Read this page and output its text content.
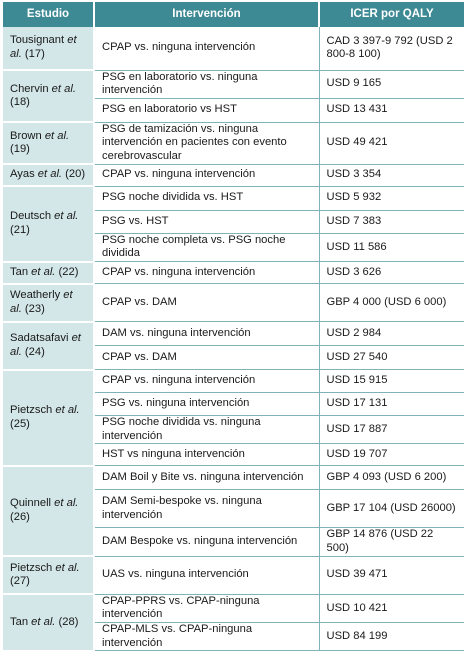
Estudio	Intervención	ICER por QALY
Tousignant et al. (17)	CPAP vs. ninguna intervención	CAD 3 397-9 792 (USD 2 800-8 100)
Chervin et al. (18)	PSG en laboratorio vs. ninguna intervención	USD 9 165
	PSG en laboratorio vs HST	USD 13 431
Brown et al. (19)	PSG de tamización vs. ninguna intervención en pacientes con evento cerebrovascular	USD 49 421
Ayas et al. (20)	CPAP vs. ninguna intervención	USD 3 354
Deutsch et al. (21)	PSG noche dividida vs. HST	USD 5 932
	PSG vs. HST	USD 7 383
	PSG noche completa vs. PSG noche dividida	USD 11 586
Tan et al. (22)	CPAP vs. ninguna intervención	USD 3 626
Weatherly et al. (23)	CPAP vs. DAM	GBP 4 000 (USD 6 000)
Sadatsafavi et al. (24)	DAM vs. ninguna intervención	USD 2 984
	CPAP vs. DAM	USD 27 540
Pietzsch et al. (25)	CPAP vs. ninguna intervención	USD 15 915
	PSG vs. ninguna intervención	USD 17 131
	PSG noche dividida vs. ninguna intervención	USD 17 887
	HST vs ninguna intervención	USD 19 707
Quinnell et al. (26)	DAM Boil y Bite vs. ninguna intervención	GBP 4 093 (USD 6 200)
	DAM Semi-bespoke vs. ninguna intervención	GBP 17 104 (USD 26000)
	DAM Bespoke vs. ninguna intervención	GBP 14 876 (USD 22 500)
Pietzsch et al. (27)	UAS vs. ninguna intervención	USD 39 471
Tan et al. (28)	CPAP-PPRS vs. CPAP-ninguna intervención	USD 10 421
	CPAP-MLS vs. CPAP-ninguna intervención	USD 84 199
